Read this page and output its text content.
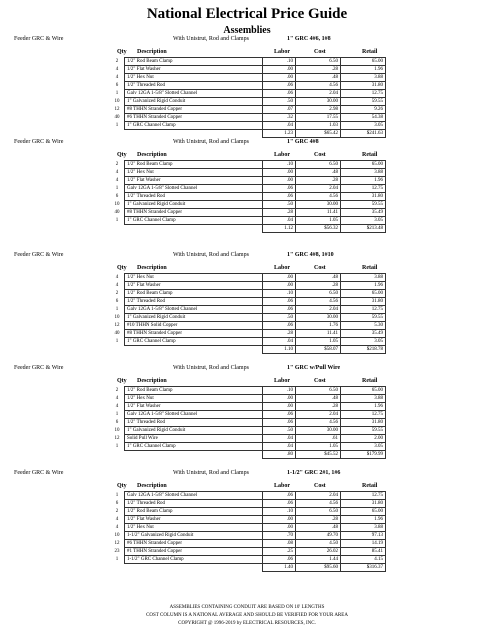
National Electrical Price Guide
Assemblies
Feeder GRC & Wire	With Unistrut, Rod and Clamps	1" GRC 4#6, 1#8
Qty Description	Labor	Cost	Retail
2	1/2" Rod Beam Clamp	.10	6.50	65.00
4	1/2" Flat Washer	.00	.28	1.96
4	1/2" Hex Nut	.00	.48	3.88
6	1/2" Threaded Rod	.06	4.56	31.80
1	Galv 12GA 1-5/8" Slotted Channel	.06	2.04	12.75
10	1" Galvanized Rigid Conduit	.50	30.00	59.55
12	#8 THHN Stranded Copper	.07	2.98	9.26
40	#6 THHN Stranded Copper	.32	17.55	54.38
1	1" GRC Channel Clamp	.04	1.03	3.05
		1.23	$65.42	$241.63
Feeder GRC & Wire	With Unistrut, Rod and Clamps	1" GRC 4#8
Qty Description	Labor	Cost	Retail
2	1/2" Rod Beam Clamp	.10	6.50	65.00
4	1/2" Hex Nut	.00	.48	3.88
4	1/2" Flat Washer	.00	.28	1.96
1	Galv 12GA 1-5/8" Slotted Channel	.06	2.04	12.75
6	1/2" Threaded Rod	.06	4.56	31.80
10	1" Galvanized Rigid Conduit	.50	30.00	59.55
40	#8 THHN Stranded Copper	.28	11.41	35.49
1	1" GRC Channel Clamp	.04	1.05	3.05
		1.12	$56.32	$213.48
Feeder GRC & Wire	With Unistrut, Rod and Clamps	1" GRC 4#8, 1#10
Qty Description	Labor	Cost	Retail
4	1/2" Hex Nut	.00	.48	3.88
4	1/2" Flat Washer	.00	.28	1.96
2	1/2" Rod Beam Clamp	.10	6.50	65.00
6	1/2" Threaded Rod	.06	4.56	31.80
1	Galv 12GA 1-5/8" Slotted Channel	.06	2.04	12.75
10	1" Galvanized Rigid Conduit	.50	30.00	59.55
12	#10 THHN Solid Copper	.06	1.76	5.30
40	#8 THHN Stranded Copper	.28	11.41	35.49
1	1" GRC Channel Clamp	.04	1.05	3.05
		1.10	$58.07	$218.78
Feeder GRC & Wire	With Unistrut, Rod and Clamps	1" GRC w/Pull Wire
Qty Description	Labor	Cost	Retail
2	1/2" Rod Beam Clamp	.10	6.50	65.00
4	1/2" Hex Nut	.00	.48	3.88
4	1/2" Flat Washer	.00	.28	1.96
1	Galv 12GA 1-5/8" Slotted Channel	.06	2.04	12.75
6	1/2" Threaded Rod	.06	4.56	31.80
10	1" Galvanized Rigid Conduit	.50	30.00	59.55
12	Solid Pull Wire	.04	.61	2.00
1	1" GRC Channel Clamp	.04	1.05	3.05
		.80	$45.52	$179.99
Feeder GRC & Wire	With Unistrut, Rod and Clamps	1-1/2" GRC 2#1, 1#6
Qty Description	Labor	Cost	Retail
1	Galv 12GA 1-5/8" Slotted Channel	.06	2.04	12.75
6	1/2" Threaded Rod	.06	4.56	31.80
2	1/2" Rod Beam Clamp	.10	6.50	65.00
4	1/2" Flat Washer	.00	.28	1.96
4	1/2" Hex Nut	.00	.48	3.88
10	1-1/2" Galvanized Rigid Conduit	.70	49.70	97.13
12	#6 THHN Stranded Copper	.08	4.50	14.19
23	#1 THHN Stranded Copper	.25	26.02	85.41
1	1-1/2" GRC Channel Clamp	.06	1.44	4.15
		1.40	$95.60	$316.37
ASSEMBLIES CONTAINING CONDUIT ARE BASED ON 10' LENGTHS
COST COLUMN IS A NATIONAL AVERAGE AND SHOULD BE VERIFIED FOR YOUR AREA
COPYRIGHT @ 1996-2019 by ELECTRICAL RESOURCES, INC.
